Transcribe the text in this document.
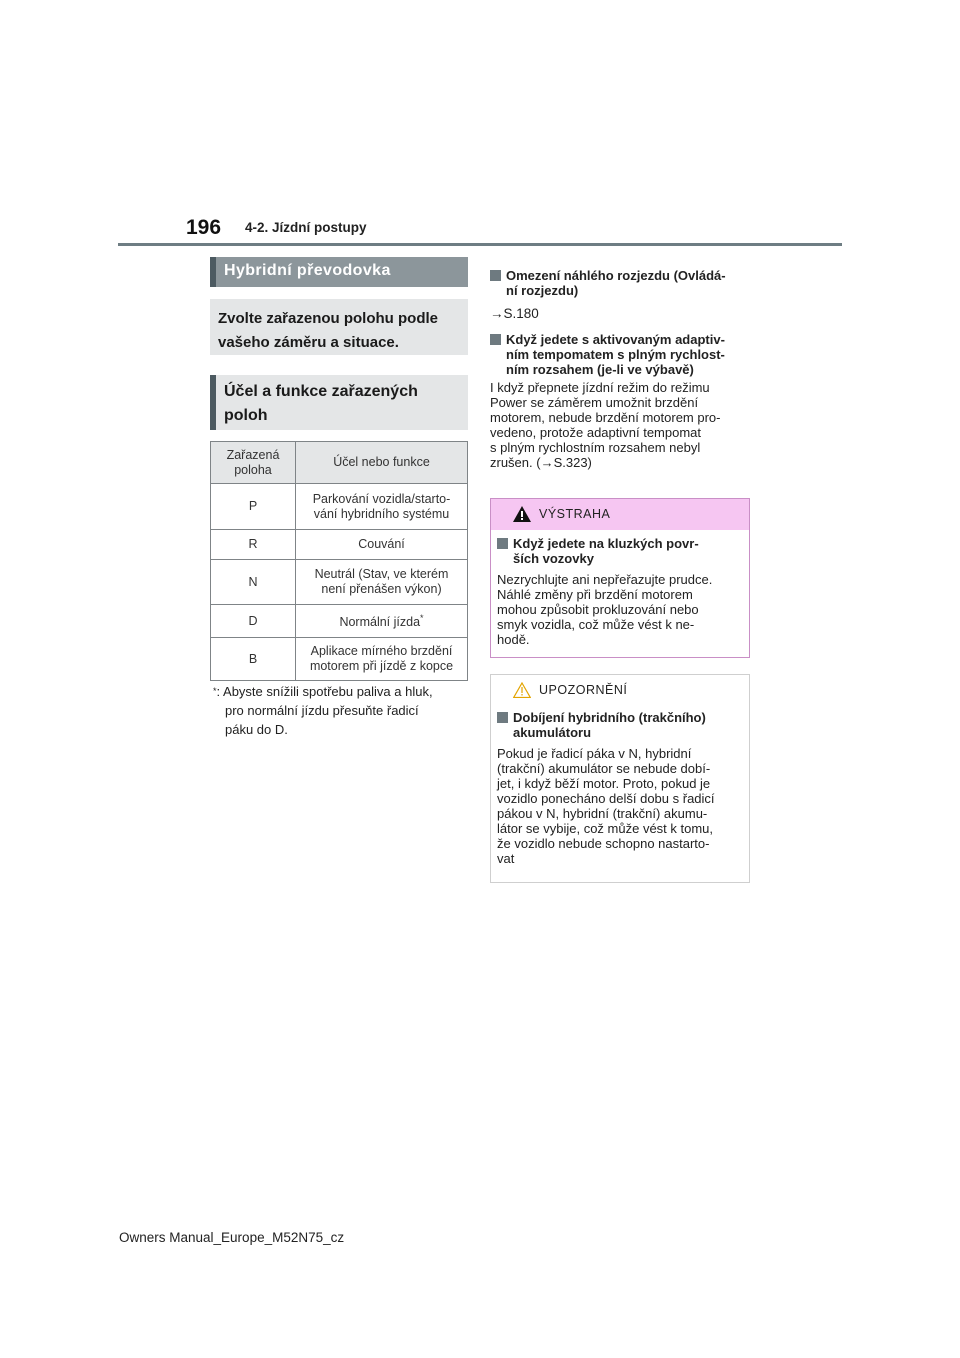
196 4-2. Jízdní postupy
Hybridní převodovka
Zvolte zařazenou polohu podle
vašeho záměru a situace.
Účel a funkce zařazených
poloh
Zařazená
poloha	Účel nebo funkce

P	Parkování vozidla/starto-
vání hybridního systému

R	Couvání

N	Neutrál (Stav, ve kterém
není přenášen výkon)

D	Normální jízda*
B	Aplikace mírného brzdění
motorem při jízdě z kopce
*: Abyste snížili spotřebu paliva a hluk,
pro normální jízdu přesuňte řadicí
páku do D.
Omezení náhlého rozjezdu (Ovládá-
ní rozjezdu)
→S.180
Když jedete s aktivovaným adaptiv-
ním tempomatem s plným rychlost-
ním rozsahem (je-li ve výbavě)
I když přepnete jízdní režim do režimu
Power se záměrem umožnit brzdění
motorem, nebude brzdění motorem pro-
vedeno, protože adaptivní tempomat
s plným rychlostním rozsahem nebyl
zrušen. (→S.323)
VÝSTRAHA
Když jedete na kluzkých povr-
ších vozovky
Nezrychlujte ani nepřeřazujte prudce.
Náhlé změny při brzdění motorem
mohou způsobit prokluzování nebo
smyk vozidla, což může vést k ne-
hodě.
UPOZORNĚNÍ
Dobíjení hybridního (trakčního)
akumulátoru
Pokud je řadicí páka v N, hybridní
(trakční) akumulátor se nebude dobí-
jet, i když běží motor. Proto, pokud je
vozidlo ponecháno delší dobu s řadicí
pákou v N, hybridní (trakční) akumu-
látor se vybije, což může vést k tomu,
že vozidlo nebude schopno nastarto-
vat
Owners Manual_Europe_M52N75_cz
